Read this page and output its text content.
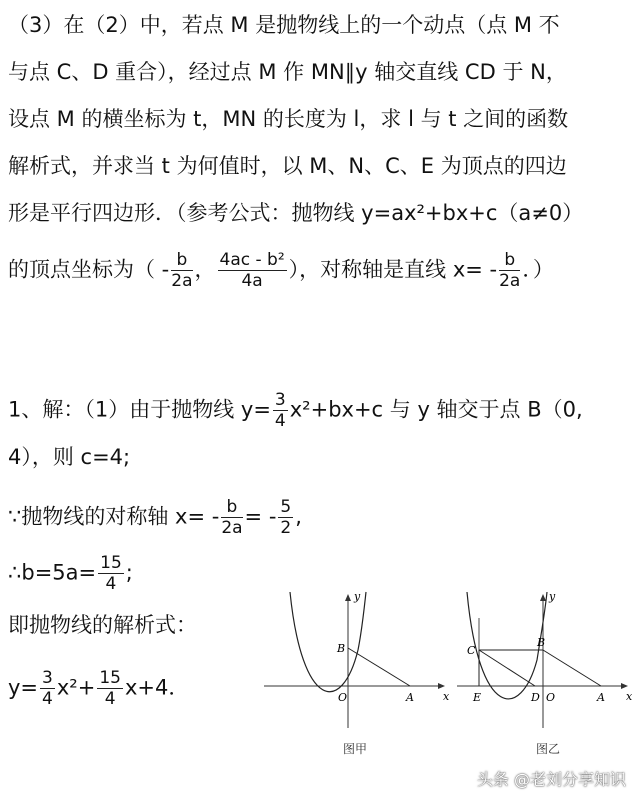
（3）在（2）中，若点 M 是抛物线上的一个动点（点 M 不
与点 C、D 重合），经过点 M 作 MN∥y 轴交直线 CD 于 N，
设点 M 的横坐标为 t，MN 的长度为 l，求 l 与 t 之间的函数
解析式，并求当 t 为何值时，以 M、N、C、E 为顶点的四边
形是平行四边形．（参考公式：抛物线 y=ax²+bx+c（a≠0）
的顶点坐标为（ - $\frac{b}{2a}$ ， $\frac{\text{4ac - b²}}{4a}$ ），对称轴是直线 $x= - \frac{b}{2a}$ ．）
1、解：（1）由于抛物线 $y= \frac{3}{4} x^2+bx+c$ 与 y 轴交于点 B（0,
4），则 c=4;
∵抛物线的对称轴 $x= - \frac{b}{2a}$ = - $\frac{5}{2}$ ,
∴b=5a= $\frac{15}{4}$ ;
即抛物线的解析式：
$y= \frac{3}{4} x^2+ \frac{15}{4} x+4$．
y
x
B
O	A
图甲
y
x
B
C
E	D O	A
图乙
头条 @老刘分享知识
